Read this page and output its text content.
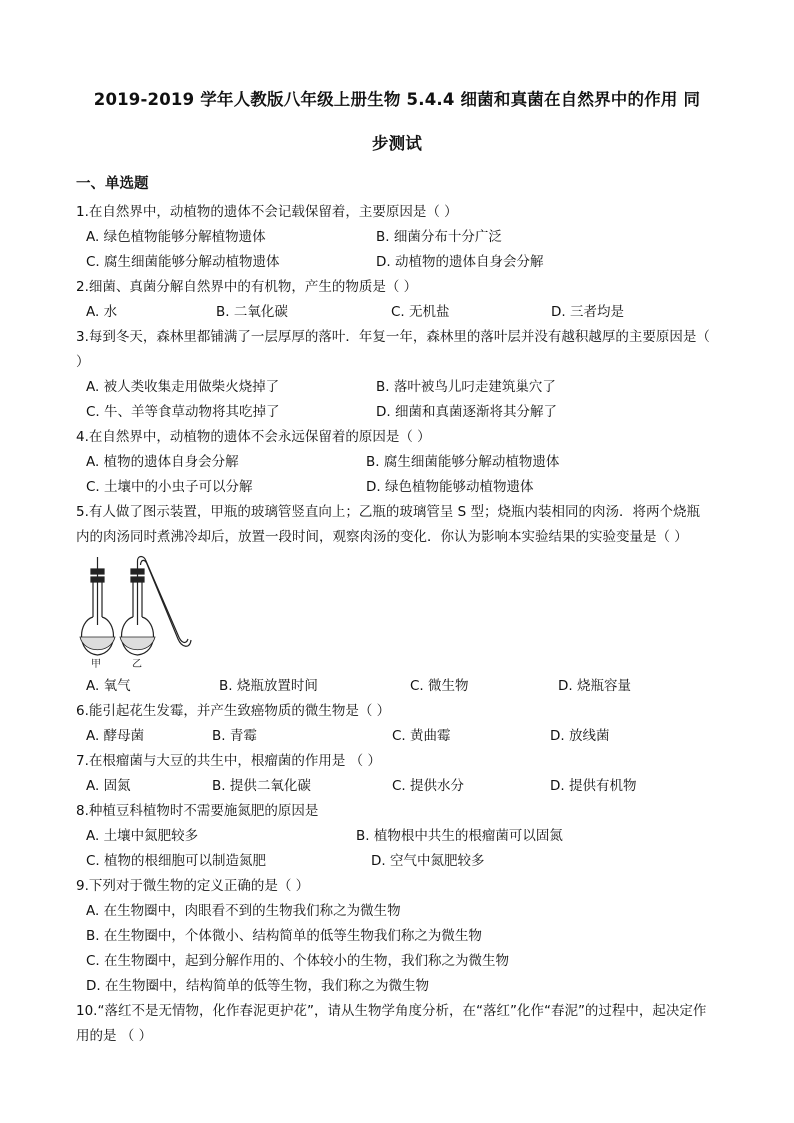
2019-2019 学年人教版八年级上册生物 5.4.4 细菌和真菌在自然界中的作用 同
步测试
一、单选题
1.在自然界中，动植物的遗体不会记载保留着，主要原因是（ ）
A. 绿色植物能够分解植物遗体	B. 细菌分布十分广泛
C. 腐生细菌能够分解动植物遗体	D. 动植物的遗体自身会分解
2.细菌、真菌分解自然界中的有机物，产生的物质是（ ）
A. 水	B. 二氧化碳	C. 无机盐	D. 三者均是
3.每到冬天，森林里都铺满了一层厚厚的落叶．年复一年，森林里的落叶层并没有越积越厚的主要原因是（
）
A. 被人类收集走用做柴火烧掉了	B. 落叶被鸟儿叼走建筑巢穴了
C. 牛、羊等食草动物将其吃掉了	D. 细菌和真菌逐渐将其分解了
4.在自然界中，动植物的遗体不会永远保留着的原因是（ ）
A. 植物的遗体自身会分解	B. 腐生细菌能够分解动植物遗体
C. 土壤中的小虫子可以分解	D. 绿色植物能够动植物遗体
5.有人做了图示装置，甲瓶的玻璃管竖直向上；乙瓶的玻璃管呈 S 型；烧瓶内装相同的肉汤．将两个烧瓶
内的肉汤同时煮沸冷却后，放置一段时间，观察肉汤的变化．你认为影响本实验结果的实验变量是（ ）
甲	乙
A. 氧气	B. 烧瓶放置时间	C. 微生物	D. 烧瓶容量
6.能引起花生发霉，并产生致癌物质的微生物是（ ）
A. 酵母菌	B. 青霉	C. 黄曲霉	D. 放线菌
7.在根瘤菌与大豆的共生中，根瘤菌的作用是 （ ）
A. 固氮	B. 提供二氧化碳	C. 提供水分	D. 提供有机物
8.种植豆科植物时不需要施氮肥的原因是
A. 土壤中氮肥较多	B. 植物根中共生的根瘤菌可以固氮
C. 植物的根细胞可以制造氮肥	D. 空气中氮肥较多
9.下列对于微生物的定义正确的是（ ）
A. 在生物圈中，肉眼看不到的生物我们称之为微生物
B. 在生物圈中，个体微小、结构简单的低等生物我们称之为微生物
C. 在生物圈中，起到分解作用的、个体较小的生物，我们称之为微生物
D. 在生物圈中，结构简单的低等生物，我们称之为微生物
10.“落红不是无情物，化作春泥更护花”，请从生物学角度分析，在“落红”化作“春泥”的过程中，起决定作
用的是 （ ）
